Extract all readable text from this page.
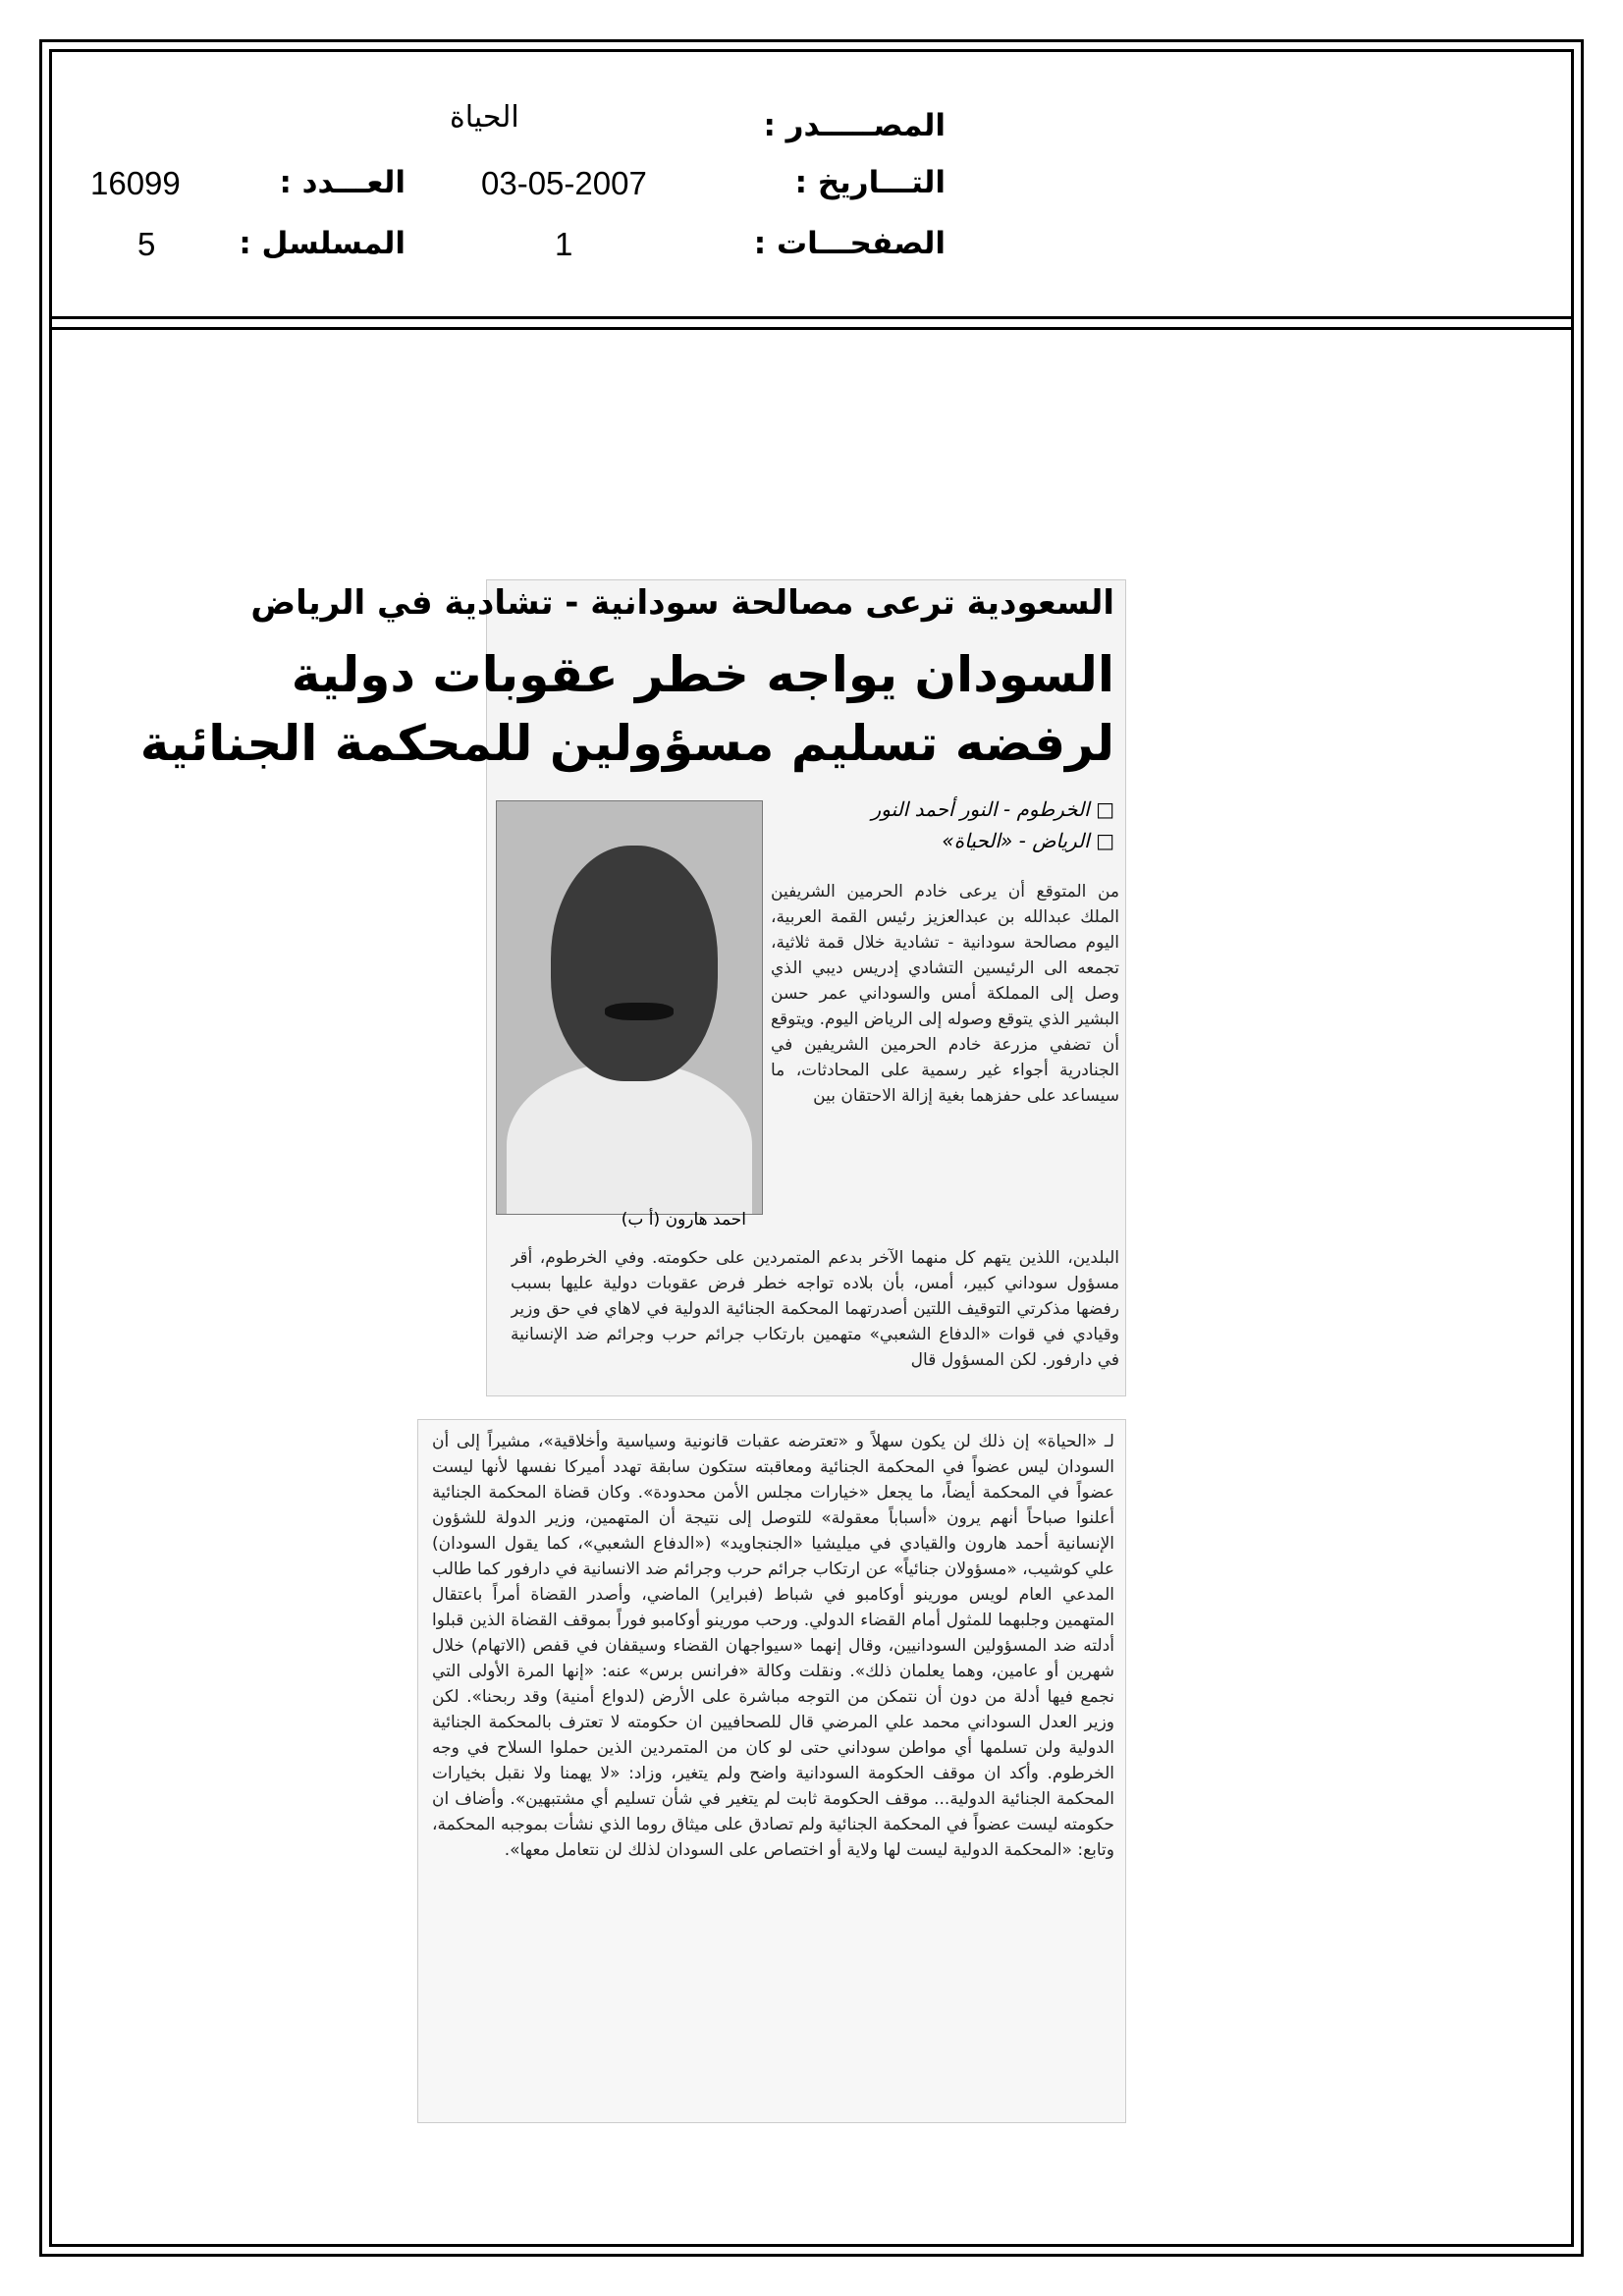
المصـــــدر :
التـــاريخ :
الصفحـــات :
الحياة
03-05-2007
1
العـــدد :
المسلسل :
16099
5
السعودية ترعى مصالحة سودانية - تشادية في الرياض
السودان يواجه خطر عقوبات دولية
لرفضه تسليم مسؤولين للمحكمة الجنائية
□ الخرطوم - النور أحمد النور
□ الرياض - «الحياة»
احمد هارون (أ ب)
من المتوقع أن يرعى خادم الحرمين الشريفين الملك عبدالله بن عبدالعزيز رئيس القمة العربية، اليوم مصالحة سودانية - تشادية خلال قمة ثلاثية، تجمعه الى الرئيسين التشادي إدريس ديبي الذي وصل إلى المملكة أمس والسوداني عمر حسن البشير الذي يتوقع وصوله إلى الرياض اليوم. ويتوقع أن تضفي مزرعة خادم الحرمين الشريفين في الجنادرية أجواء غير رسمية على المحادثات، ما سيساعد على حفزهما بغية إزالة الاحتقان بين
البلدين، اللذين يتهم كل منهما الآخر بدعم المتمردين على حكومته. وفي الخرطوم، أقر مسؤول سوداني كبير، أمس، بأن بلاده تواجه خطر فرض عقوبات دولية عليها بسبب رفضها مذكرتي التوقيف اللتين أصدرتهما المحكمة الجنائية الدولية في لاهاي في حق وزير وقيادي في قوات «الدفاع الشعبي» متهمين بارتكاب جرائم حرب وجرائم ضد الإنسانية في دارفور. لكن المسؤول قال
لـ «الحياة» إن ذلك لن يكون سهلاً و «تعترضه عقبات قانونية وسياسية وأخلاقية»، مشيراً إلى أن السودان ليس عضواً في المحكمة الجنائية ومعاقبته ستكون سابقة تهدد أميركا نفسها لأنها ليست عضواً في المحكمة أيضاً، ما يجعل «خيارات مجلس الأمن محدودة». وكان قضاة المحكمة الجنائية أعلنوا صباحاً أنهم يرون «أسباباً معقولة» للتوصل إلى نتيجة أن المتهمين، وزير الدولة للشؤون الإنسانية أحمد هارون والقيادي في ميليشيا «الجنجاويد» («الدفاع الشعبي»، كما يقول السودان) علي كوشيب، «مسؤولان جنائياً» عن ارتكاب جرائم حرب وجرائم ضد الانسانية في دارفور كما طالب المدعي العام لويس مورينو أوكامبو في شباط (فبراير) الماضي، وأصدر القضاة أمراً باعتقال المتهمين وجلبهما للمثول أمام القضاء الدولي. ورحب مورينو أوكامبو فوراً بموقف القضاة الذين قبلوا أدلته ضد المسؤولين السودانيين، وقال إنهما «سيواجهان القضاء وسيقفان في قفص (الاتهام) خلال شهرين أو عامين، وهما يعلمان ذلك». ونقلت وكالة «فرانس برس» عنه: «إنها المرة الأولى التي نجمع فيها أدلة من دون أن نتمكن من التوجه مباشرة على الأرض (لدواع أمنية) وقد ربحنا». لكن وزير العدل السوداني محمد علي المرضي قال للصحافيين ان حكومته لا تعترف بالمحكمة الجنائية الدولية ولن تسلمها أي مواطن سوداني حتى لو كان من المتمردين الذين حملوا السلاح في وجه الخرطوم. وأكد ان موقف الحكومة السودانية واضح ولم يتغير، وزاد: «لا يهمنا ولا نقبل بخيارات المحكمة الجنائية الدولية... موقف الحكومة ثابت لم يتغير في شأن تسليم أي مشتبهين». وأضاف ان حكومته ليست عضواً في المحكمة الجنائية ولم تصادق على ميثاق روما الذي نشأت بموجبه المحكمة، وتابع: «المحكمة الدولية ليست لها ولاية أو اختصاص على السودان لذلك لن نتعامل معها».
